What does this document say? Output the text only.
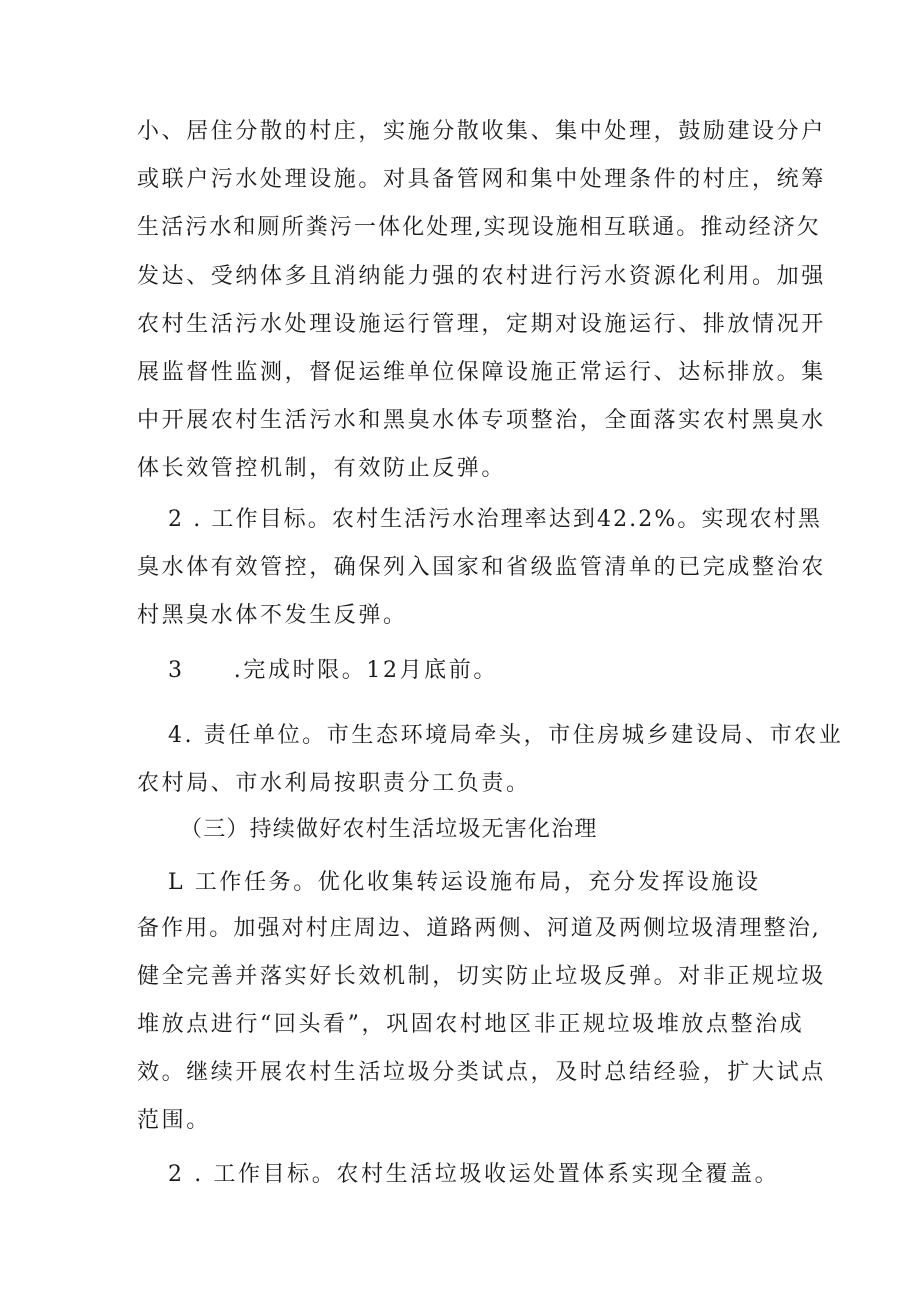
小、居住分散的村庄，实施分散收集、集中处理，鼓励建设分户
或联户污水处理设施。对具备管网和集中处理条件的村庄，统筹
生活污水和厕所粪污一体化处理,实现设施相互联通。推动经济欠
发达、受纳体多且消纳能力强的农村进行污水资源化利用。加强
农村生活污水处理设施运行管理，定期对设施运行、排放情况开
展监督性监测，督促运维单位保障设施正常运行、达标排放。集
中开展农村生活污水和黑臭水体专项整治，全面落实农村黑臭水
体长效管控机制，有效防止反弹。
2 . 工作目标。农村生活污水治理率达到42.2%。实现农村黑
臭水体有效管控，确保列入国家和省级监管清单的已完成整治农
村黑臭水体不发生反弹。
3　　.完成时限。12月底前。
4. 责任单位。市生态环境局牵头，市住房城乡建设局、市农业
农村局、市水利局按职责分工负责。
（三）持续做好农村生活垃圾无害化治理
L 工作任务。优化收集转运设施布局，充分发挥设施设
备作用。加强对村庄周边、道路两侧、河道及两侧垃圾清理整治,
健全完善并落实好长效机制，切实防止垃圾反弹。对非正规垃圾
堆放点进行“回头看”，巩固农村地区非正规垃圾堆放点整治成
效。继续开展农村生活垃圾分类试点，及时总结经验，扩大试点
范围。
2 . 工作目标。农村生活垃圾收运处置体系实现全覆盖。
